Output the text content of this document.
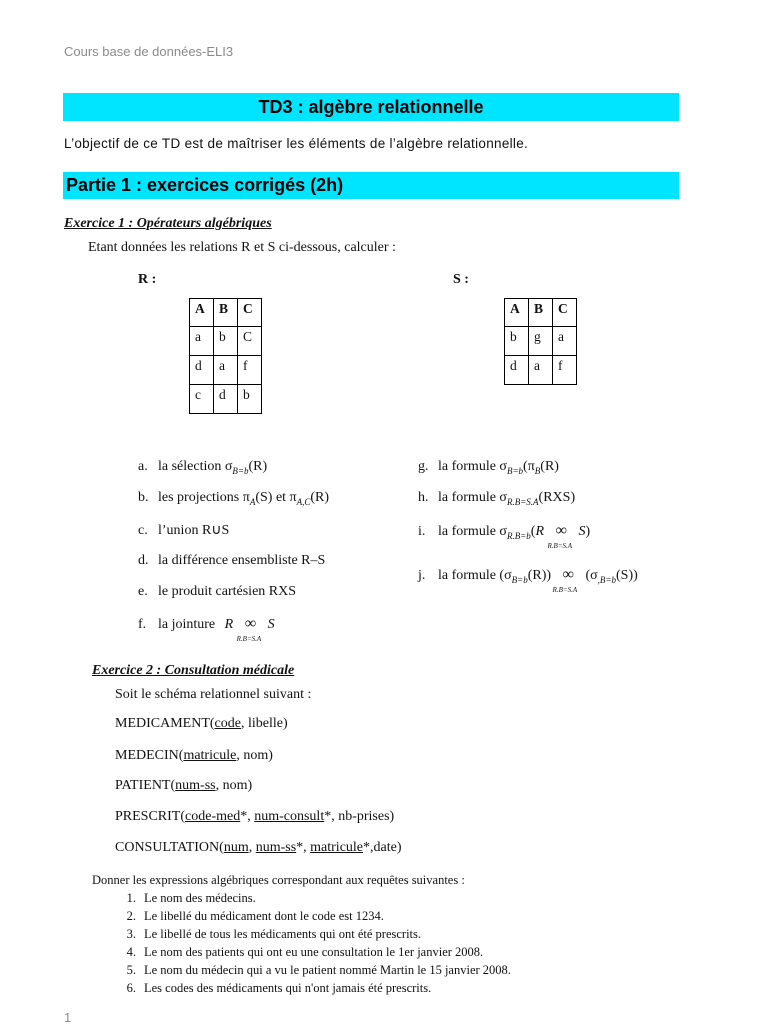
Cours base de données-ELI3
TD3 : algèbre relationnelle
L’objectif de ce TD est de maîtriser les éléments de l’algèbre relationnelle.
Partie 1 : exercices corrigés (2h)
Exercice 1 : Opérateurs algébriques
Etant données les relations R et S ci-dessous, calculer :
R :	S :
A	B	C
a	b	C
d	a	f
c	d	b
A	B	C
b	g	a
d	a	f
a. la sélection $\sigma_{B=b}(R)$
b. les projections $\pi_A(S)$ et $\pi_{A,C}(R)$
c. l’union R∪S
d. la différence ensembliste R–S
e. le produit cartésien RXS
f. la jointure R ∞ S
R.B=S.A
g. la formule $\sigma_{B=b}(\pi_B(R)$
h. la formule $\sigma_{R.B=S.A}(RXS)$
i. la formule $\sigma_{R.B=b}(R$ ∞ S
R.B=S.A
)
j. la formule $(\sigma_{B=b}(R))$ ∞
R.B=S.A
$(\sigma_{,B=b}(S))$
Exercice 2 : Consultation médicale
Soit le schéma relationnel suivant :
MEDICAMENT(code, libelle)
MEDECIN(matricule, nom)
PATIENT(num-ss, nom)
PRESCRIT(code-med*, num-consult*, nb-prises)
CONSULTATION(num, num-ss*, matricule*,date)
Donner les expressions algébriques correspondant aux requêtes suivantes :
1. Le nom des médecins.
2. Le libellé du médicament dont le code est 1234.
3. Le libellé de tous les médicaments qui ont été prescrits.
4. Le nom des patients qui ont eu une consultation le 1er janvier 2008.
5. Le nom du médecin qui a vu le patient nommé Martin le 15 janvier 2008.
6. Les codes des médicaments qui n'ont jamais été prescrits.
1
